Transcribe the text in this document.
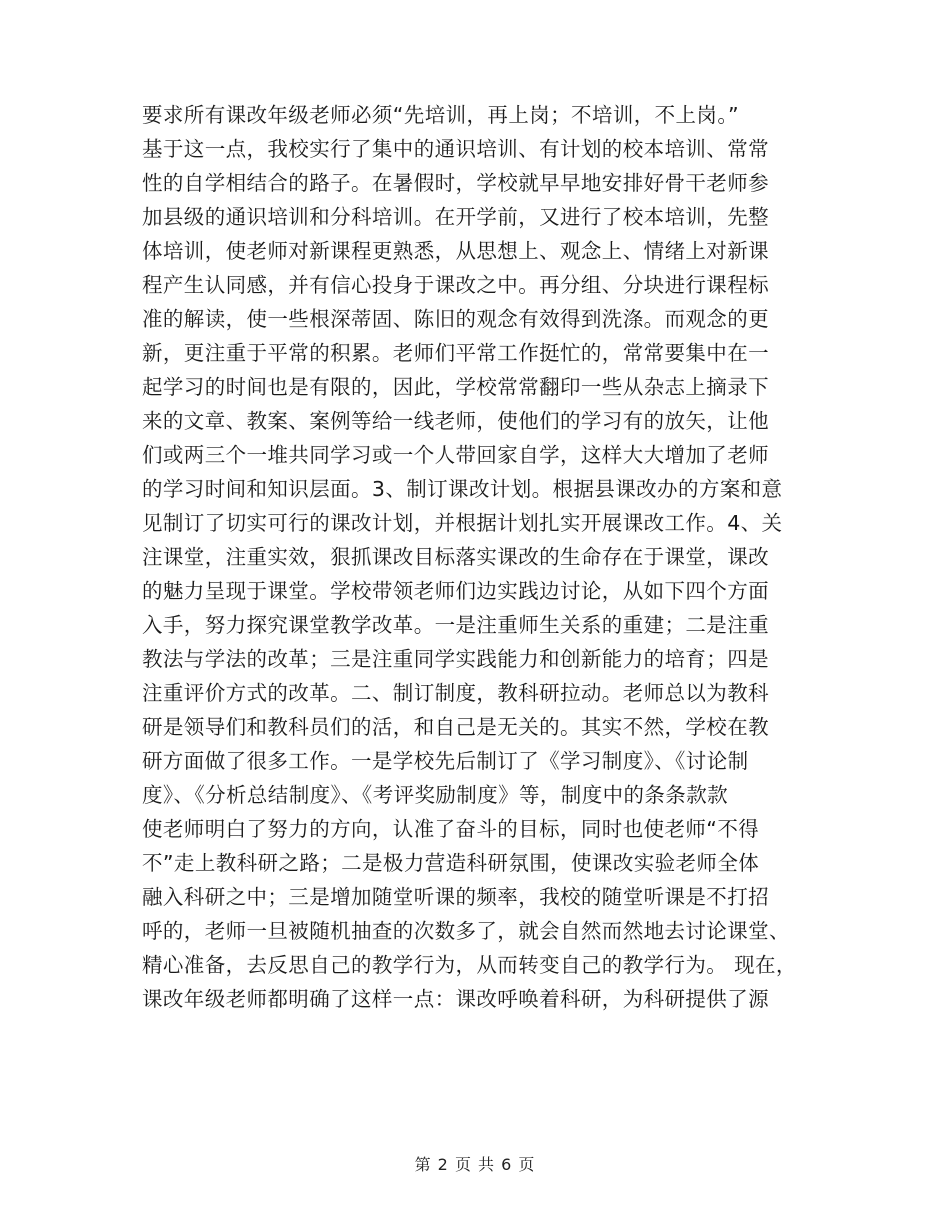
要求所有课改年级老师必须“先培训，再上岗；不培训，不上岗。”
基于这一点，我校实行了集中的通识培训、有计划的校本培训、常常
性的自学相结合的路子。在暑假时，学校就早早地安排好骨干老师参
加县级的通识培训和分科培训。在开学前，又进行了校本培训，先整
体培训，使老师对新课程更熟悉，从思想上、观念上、情绪上对新课
程产生认同感，并有信心投身于课改之中。再分组、分块进行课程标
准的解读，使一些根深蒂固、陈旧的观念有效得到洗涤。而观念的更
新，更注重于平常的积累。老师们平常工作挺忙的，常常要集中在一
起学习的时间也是有限的，因此，学校常常翻印一些从杂志上摘录下
来的文章、教案、案例等给一线老师，使他们的学习有的放矢，让他
们或两三个一堆共同学习或一个人带回家自学，这样大大增加了老师
的学习时间和知识层面。3、制订课改计划。根据县课改办的方案和意
见制订了切实可行的课改计划，并根据计划扎实开展课改工作。4、关
注课堂，注重实效，狠抓课改目标落实课改的生命存在于课堂，课改
的魅力呈现于课堂。学校带领老师们边实践边讨论，从如下四个方面
入手，努力探究课堂教学改革。一是注重师生关系的重建；二是注重
教法与学法的改革；三是注重同学实践能力和创新能力的培育；四是
注重评价方式的改革。二、制订制度，教科研拉动。老师总以为教科
研是领导们和教科员们的活，和自己是无关的。其实不然，学校在教
研方面做了很多工作。一是学校先后制订了《学习制度》、《讨论制
度》、《分析总结制度》、《考评奖励制度》等，制度中的条条款款
使老师明白了努力的方向，认准了奋斗的目标，同时也使老师“不得
不”走上教科研之路；二是极力营造科研氛围，使课改实验老师全体
融入科研之中；三是增加随堂听课的频率，我校的随堂听课是不打招
呼的，老师一旦被随机抽查的次数多了，就会自然而然地去讨论课堂、
精心准备，去反思自己的教学行为，从而转变自己的教学行为。 现在，
课改年级老师都明确了这样一点：课改呼唤着科研，为科研提供了源
第 2 页 共 6 页
